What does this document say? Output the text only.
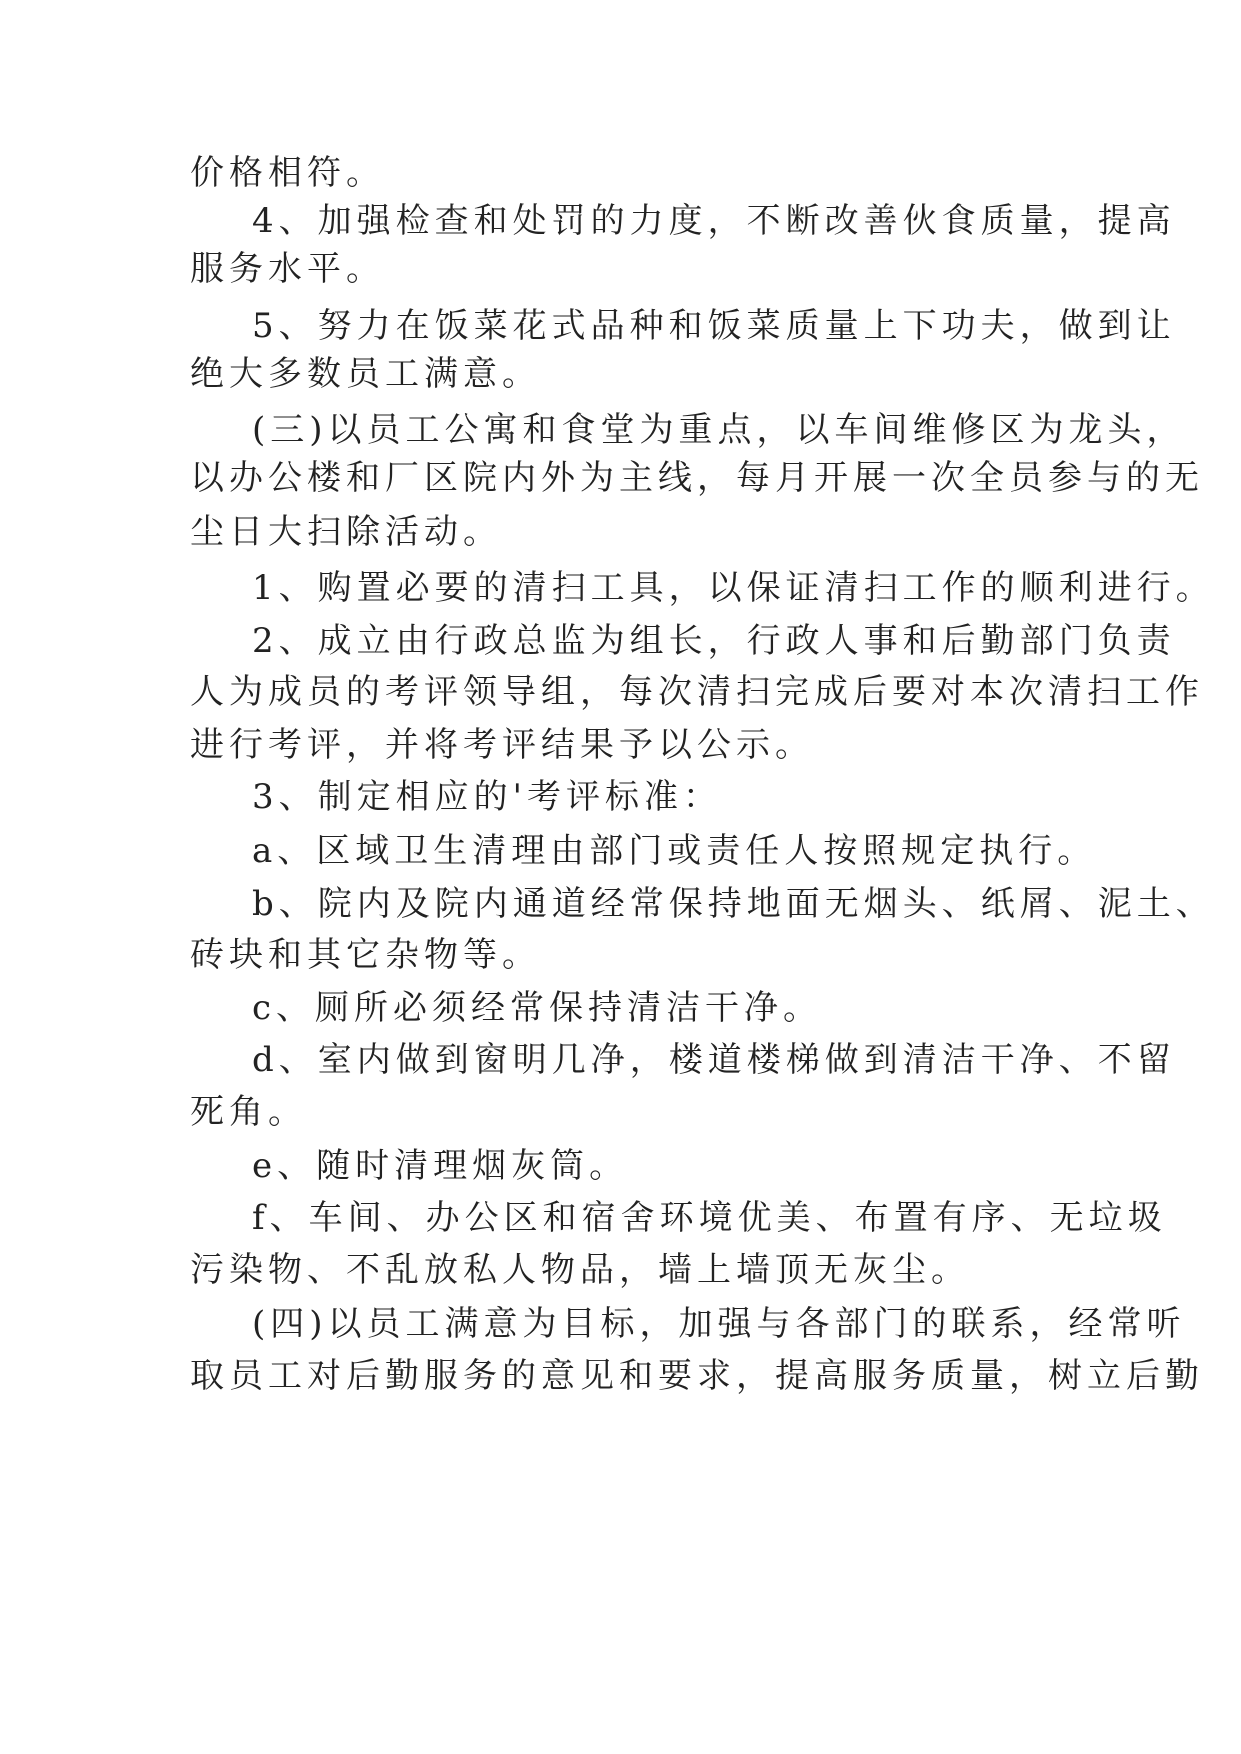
价格相符。
4、加强检查和处罚的力度，不断改善伙食质量，提高
服务水平。
5、努力在饭菜花式品种和饭菜质量上下功夫，做到让
绝大多数员工满意。
(三)以员工公寓和食堂为重点，以车间维修区为龙头，
以办公楼和厂区院内外为主线，每月开展一次全员参与的无
尘日大扫除活动。
1、购置必要的清扫工具，以保证清扫工作的顺利进行。
2、成立由行政总监为组长，行政人事和后勤部门负责
人为成员的考评领导组，每次清扫完成后要对本次清扫工作
进行考评，并将考评结果予以公示。
3、制定相应的'考评标准：
a、区域卫生清理由部门或责任人按照规定执行。
b、院内及院内通道经常保持地面无烟头、纸屑、泥土、
砖块和其它杂物等。
c、厕所必须经常保持清洁干净。
d、室内做到窗明几净，楼道楼梯做到清洁干净、不留
死角。
e、随时清理烟灰筒。
f、车间、办公区和宿舍环境优美、布置有序、无垃圾
污染物、不乱放私人物品，墙上墙顶无灰尘。
(四)以员工满意为目标，加强与各部门的联系，经常听
取员工对后勤服务的意见和要求，提高服务质量，树立后勤
